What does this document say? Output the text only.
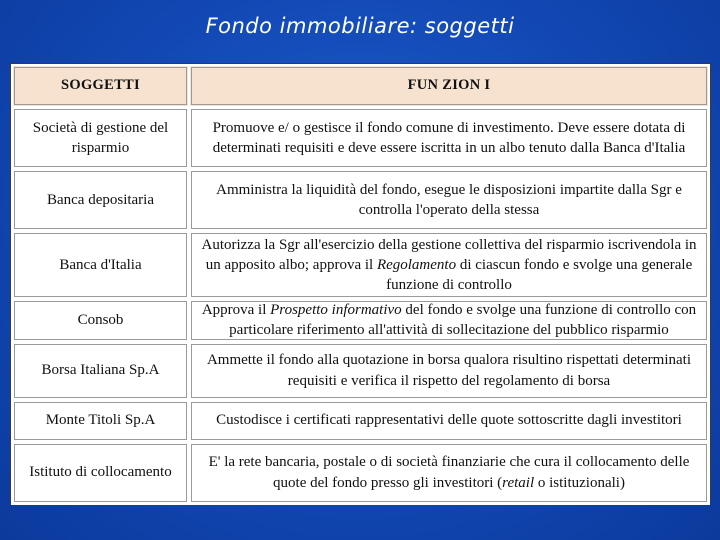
Fondo immobiliare: soggetti
SOGGETTI	FUN ZION I
Società di gestione del risparmio	Promuove e/ o gestisce il fondo comune di investimento. Deve essere dotata di determinati requisiti e deve essere iscritta in un albo tenuto dalla Banca d'Italia
Banca depositaria	Amministra la liquidità del fondo, esegue le disposizioni impartite dalla Sgr e controlla l'operato della stessa
Banca d'Italia	Autorizza la Sgr all'esercizio della gestione collettiva del risparmio iscrivendola in un apposito albo; approva il Regolamento di ciascun fondo e svolge una generale funzione di controllo
Consob	Approva il Prospetto informativo del fondo e svolge una funzione di controllo con particolare riferimento all'attività di sollecitazione del pubblico risparmio
Borsa Italiana Sp.A	Ammette il fondo alla quotazione in borsa qualora risultino rispettati determinati requisiti e verifica il rispetto del regolamento di borsa
Monte Titoli Sp.A	Custodisce i certificati rappresentativi delle quote sottoscritte dagli investitori
Istituto di collocamento	E' la rete bancaria, postale o di società finanziarie che cura il collocamento delle quote del fondo presso gli investitori (retail o istituzionali)
